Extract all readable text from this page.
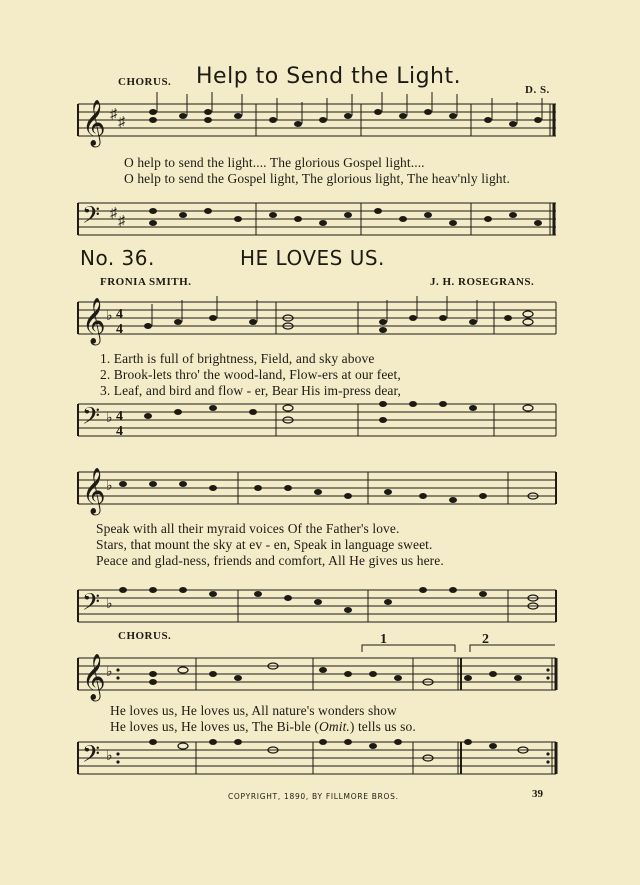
CHORUS. Help to Send the Light.
D. S.
𝄞 ♯
♯
O help to send the light.... The glorious Gospel light....
O help to send the Gospel light, The glorious light, The heav'nly light.
𝄢 ♯
♯
No. 36.	HE LOVES US.
FRONIA SMITH.	J. H. ROSEGRANS.
𝄞 ♭ 4
4
1. Earth is full of brightness, Field, and sky above
2. Brook-lets thro' the wood-land, Flow-ers at our feet,
3. Leaf, and bird and flow - er, Bear His im-press dear,
𝄢 ♭ 4
4
𝄞 ♭
Speak with all their myraid voices Of the Father's love.
Stars, that mount the sky at ev - en, Speak in language sweet.
Peace and glad-ness, friends and comfort, All He gives us here.
𝄢 ♭
CHORUS.	1	2
𝄞 ♭
He loves us, He loves us, All nature's wonders show
He loves us, He loves us, The Bi-ble (Omit.) tells us so.
𝄢 ♭
COPYRIGHT, 1890, BY FILLMORE BROS.	39
